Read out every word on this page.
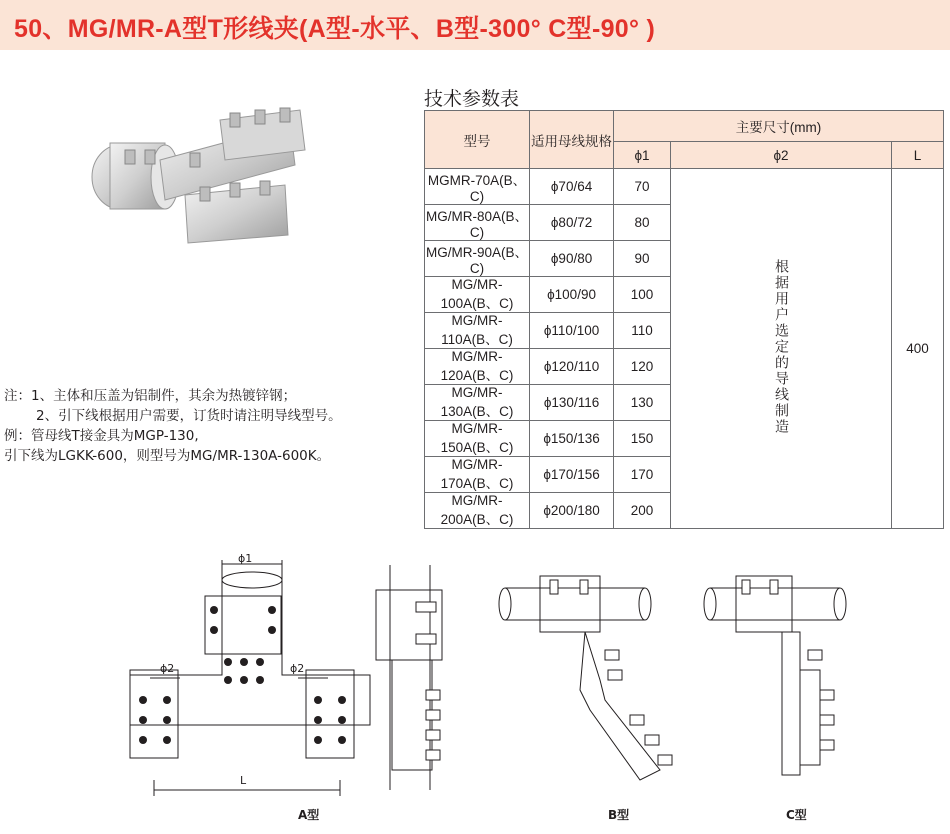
50、MG/MR-A型T形线夹(A型-水平、B型-300° C型-90° )
技术参数表
型号	适用母线规格	主要尺寸(mm)		
		ϕ1	ϕ2	L
MGMR-70A(B、C)	ϕ70/64	70	根据用户选定的导线制造	400
MG/MR-80A(B、C)	ϕ80/72	80		
MG/MR-90A(B、C)	ϕ90/80	90		
MG/MR-100A(B、C)	ϕ100/90	100		
MG/MR-110A(B、C)	ϕ110/100	110		
MG/MR-120A(B、C)	ϕ120/110	120		
MG/MR-130A(B、C)	ϕ130/116	130		
MG/MR-150A(B、C)	ϕ150/136	150		
MG/MR-170A(B、C)	ϕ170/156	170		
MG/MR-200A(B、C)	ϕ200/180	200		
注：1、主体和压盖为铝制件，其余为热镀锌钢；
2、引下线根据用户需要，订货时请注明导线型号。
例：管母线T接金具为MGP-130,
引下线为LGKK-600，则型号为MG/MR-130A-600K。
ϕ1
ϕ2	ϕ2
L
A型	B型	C型
